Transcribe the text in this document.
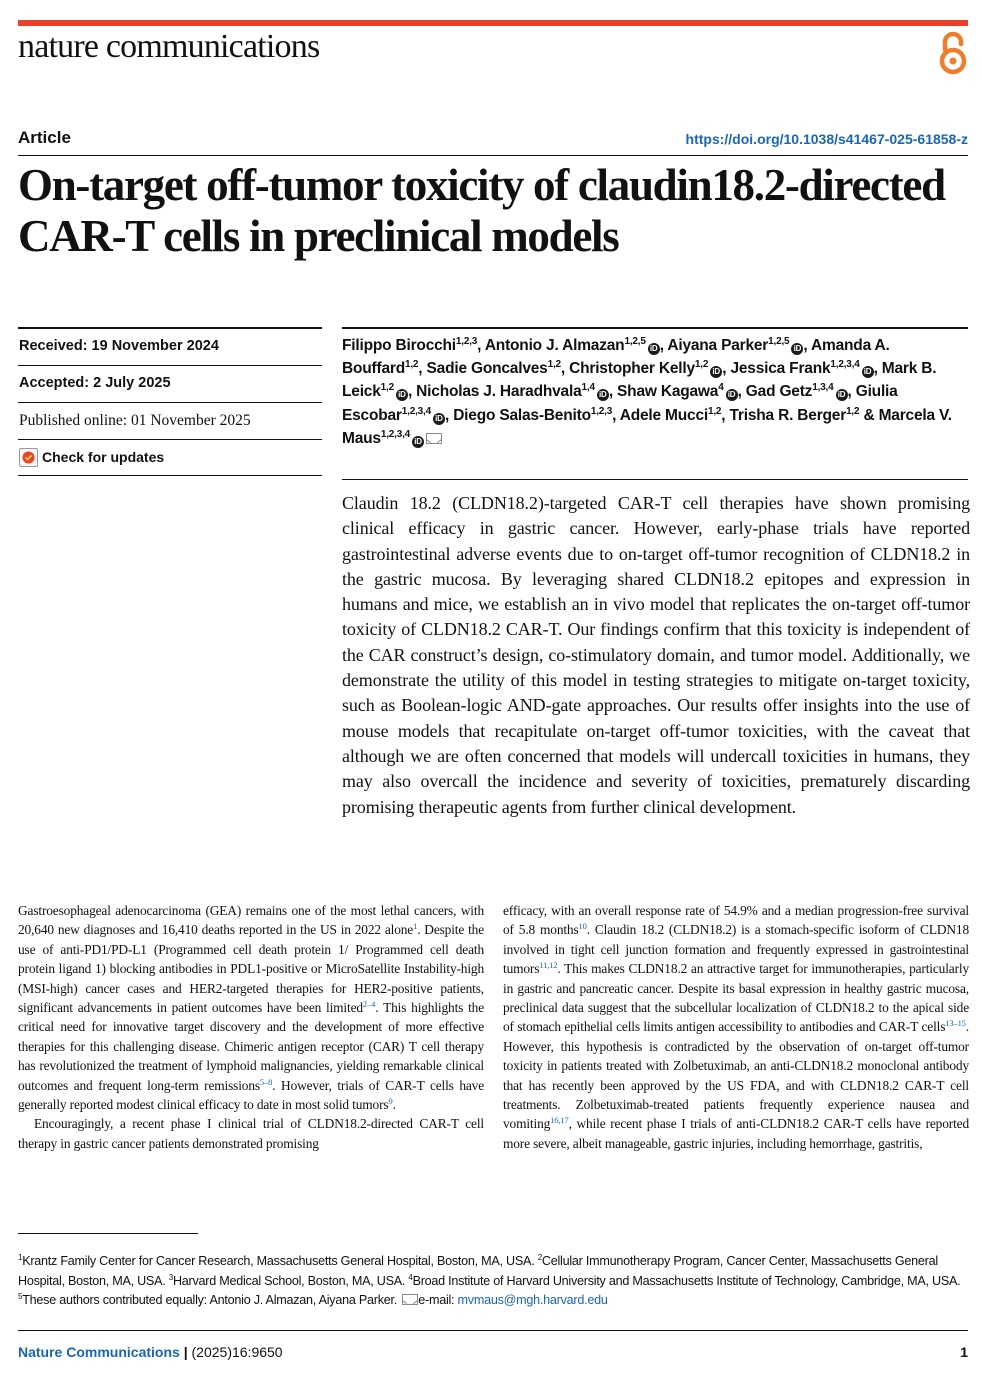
nature communications
Article	https://doi.org/10.1038/s41467-025-61858-z
On-target off-tumor toxicity of claudin18.2-directed CAR-T cells in preclinical models
Received: 19 November 2024
Accepted: 2 July 2025
Published online: 01 November 2025
Check for updates
Filippo Birocchi$^{1,2,3}$, Antonio J. Almazan$^{1,2,5}$iD , Aiyana Parker$^{1,2,5}$iD , Amanda A. Bouffard$^{1,2}$, Sadie Goncalves$^{1,2}$, Christopher Kelly$^{1,2}$iD , Jessica Frank$^{1,2,3,4}$iD , Mark B. Leick$^{1,2}$iD , Nicholas J. Haradhvala$^{1,4}$iD , Shaw Kagawa$^4$iD , Gad Getz$^{1,3,4}$iD , Giulia Escobar$^{1,2,3,4}$iD , Diego Salas-Benito$^{1,2,3}$, Adele Mucci$^{1,2}$, Trisha R. Berger$^{1,2}$ & Marcela V. Maus$^{1,2,3,4}$iD

Claudin 18.2 (CLDN18.2)-targeted CAR-T cell therapies have shown promising clinical efficacy in gastric cancer. However, early-phase trials have reported gastrointestinal adverse events due to on-target off-tumor recognition of CLDN18.2 in the gastric mucosa. By leveraging shared CLDN18.2 epitopes and expression in humans and mice, we establish an in vivo model that replicates the on-target off-tumor toxicity of CLDN18.2 CAR-T. Our findings confirm that this toxicity is independent of the CAR construct’s design, co-stimulatory domain, and tumor model. Additionally, we demonstrate the utility of this model in testing strategies to mitigate on-target toxicity, such as Boolean-logic AND-gate approaches. Our results offer insights into the use of mouse models that recapitulate on-target off-tumor toxicities, with the caveat that although we are often concerned that models will undercall toxicities in humans, they may also overcall the incidence and severity of toxicities, prematurely discarding promising therapeutic agents from further clinical development.

Gastroesophageal adenocarcinoma (GEA) remains one of the most lethal cancers, with 20,640 new diagnoses and 16,410 deaths reported in the US in 2022 alone$^1$. Despite the use of anti-PD1/PD-L1 (Programmed cell death protein 1/ Programmed cell death protein ligand 1) blocking antibodies in PDL1-positive or MicroSatellite Instability-high (MSI-high) cancer cases and HER2-targeted therapies for HER2-positive patients, significant advancements in patient outcomes have been limited$^{2-4}$. This highlights the critical need for innovative target discovery and the development of more effective therapies for this challenging disease. Chimeric antigen receptor (CAR) T cell therapy has revolutionized the treatment of lymphoid malignancies, yielding remarkable clinical outcomes and frequent long-term remissions$^{5-8}$. However, trials of CAR-T cells have generally reported modest clinical efficacy to date in most solid tumors$^9$.

Encouragingly, a recent phase I clinical trial of CLDN18.2-directed CAR-T cell therapy in gastric cancer patients demonstrated promising

efficacy, with an overall response rate of 54.9% and a median progression-free survival of 5.8 months$^{10}$. Claudin 18.2 (CLDN18.2) is a stomach-specific isoform of CLDN18 involved in tight cell junction formation and frequently expressed in gastrointestinal tumors$^{11,12}$. This makes CLDN18.2 an attractive target for immunotherapies, particularly in gastric and pancreatic cancer. Despite its basal expression in healthy gastric mucosa, preclinical data suggest that the subcellular localization of CLDN18.2 to the apical side of stomach epithelial cells limits antigen accessibility to antibodies and CAR-T cells$^{13-15}$. However, this hypothesis is contradicted by the observation of on-target off-tumor toxicity in patients treated with Zolbetuximab, an anti-CLDN18.2 monoclonal antibody that has recently been approved by the US FDA, and with CLDN18.2 CAR-T cell treatments. Zolbetuximab-treated patients frequently experience nausea and vomiting$^{16,17}$, while recent phase I trials of anti-CLDN18.2 CAR-T cells have reported more severe, albeit manageable, gastric injuries, including hemorrhage, gastritis,

$^1$Krantz Family Center for Cancer Research, Massachusetts General Hospital, Boston, MA, USA. $^2$Cellular Immunotherapy Program, Cancer Center, Massachusetts General Hospital, Boston, MA, USA. $^3$Harvard Medical School, Boston, MA, USA. $^4$Broad Institute of Harvard University and Massachusetts Institute of Technology, Cambridge, MA, USA. $^5$These authors contributed equally: Antonio J. Almazan, Aiyana Parker. e-mail: mvmaus@mgh.harvard.edu
Nature Communications | (2025)16:9650	1
